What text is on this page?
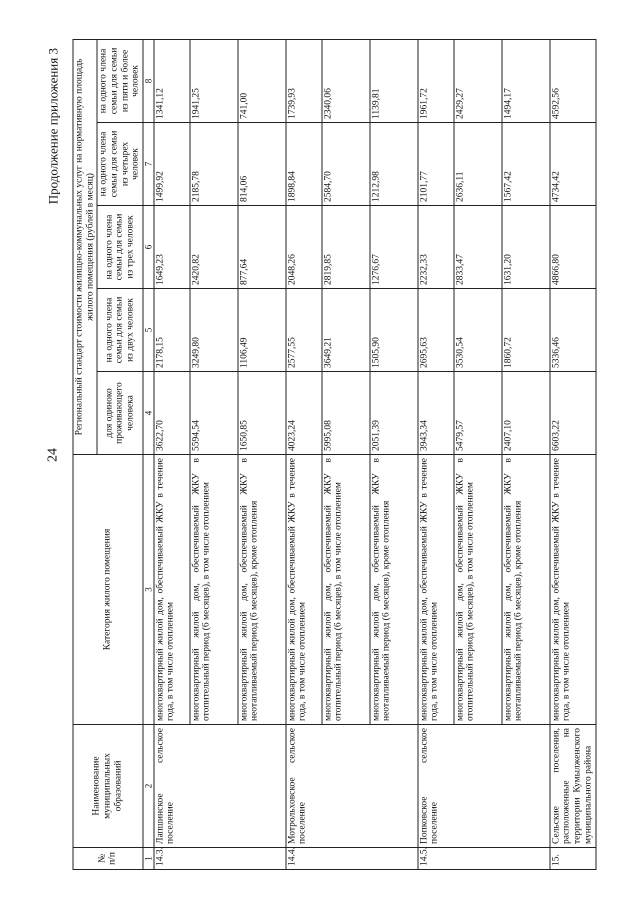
Продолжение приложения 3
24
№ п/п	Наименование муниципальных образований	Категория жилого помещения	Региональный стандарт стоимости жилищно-коммунальных услуг на нормативную площадь жилого помещения (рублей в месяц)				
			для одиноко проживающего человека	на одного члена семьи для семьи из двух человек	на одного члена семьи для семьи из трех человек	на одного члена семьи для семьи из четырех человек	на одного члена семьи для семьи из пяти и более человек
1	2	3	4	5	6	7	8
14.3.	Лапшинское сельское поселение	многоквартирный жилой дом, обеспечиваемый ЖКУ в течение года, в том числе отоплением	3622,70	2178,15	1649,23	1499,92	1341,12
		многоквартирный жилой дом, обеспечиваемый ЖКУ в отопительный период (6 месяцев), в том числе отоплением	5594,54	3249,80	2420,82	2185,78	1941,25
		многоквартирный жилой дом, обеспечиваемый ЖКУ в неотапливаемый период (6 месяцев), кроме отопления	1650,85	1106,49	877,64	814,06	741,00
14.4.	Мотрольховское сельское поселение	многоквартирный жилой дом, обеспечиваемый ЖКУ в течение года, в том числе отоплением	4023,24	2577,55	2048,26	1898,84	1739,93
		многоквартирный жилой дом, обеспечиваемый ЖКУ в отопительный период (6 месяцев), в том числе отоплением	5995,08	3649,21	2819,85	2584,70	2340,06
		многоквартирный жилой дом, обеспечиваемый ЖКУ в неотапливаемый период (6 месяцев), кроме отопления	2051,39	1505,90	1276,67	1212,98	1139,81
14.5.	Попковское сельское поселение	многоквартирный жилой дом, обеспечиваемый ЖКУ в течение года, в том числе отоплением	3943,34	2695,63	2232,33	2101,77	1961,72
		многоквартирный жилой дом, обеспечиваемый ЖКУ в отопительный период (6 месяцев), в том числе отоплением	5479,57	3530,54	2833,47	2636,11	2429,27
		многоквартирный жилой дом, обеспечиваемый ЖКУ в неотапливаемый период (6 месяцев), кроме отопления	2407,10	1860,72	1631,20	1567,42	1494,17
15.	Сельские поселения, расположенные на территории Кумылженского муниципального района	многоквартирный жилой дом, обеспечиваемый ЖКУ в течение года, в том числе отоплением	6603,22	5336,46	4866,80	4734,42	4592,56
